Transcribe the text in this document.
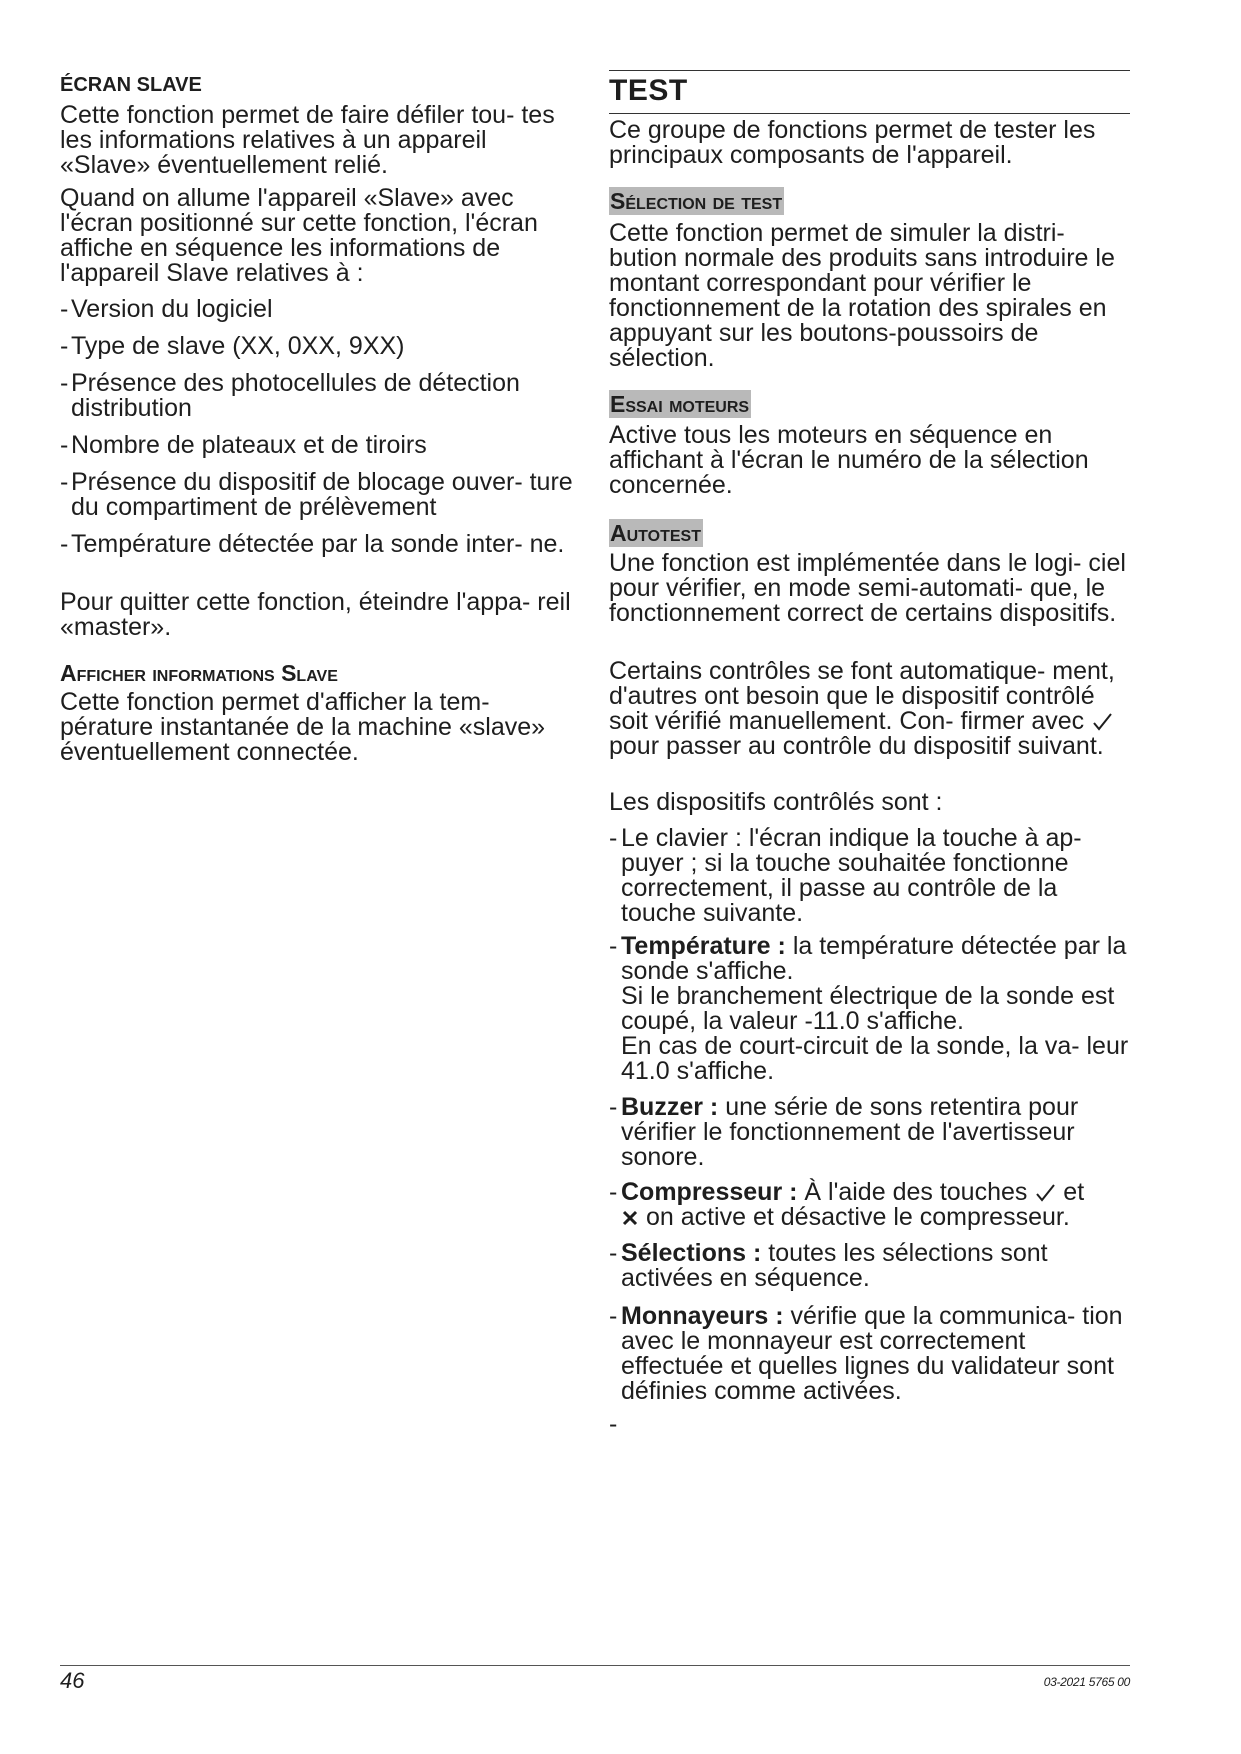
ÉCRAN SLAVE

Cette fonction permet de faire défiler tou- tes les informations relatives à un appareil «Slave» éventuellement relié.

Quand on allume l'appareil «Slave» avec l'écran positionné sur cette fonction, l'écran affiche en séquence les informations de l'appareil Slave relatives à :

- Version du logiciel
- Type de slave (XX, 0XX, 9XX)
- Présence des photocellules de détection distribution
- Nombre de plateaux et de tiroirs
- Présence du dispositif de blocage ouver- ture du compartiment de prélèvement
- Température détectée par la sonde inter- ne.

Pour quitter cette fonction, éteindre l'appa- reil «master».

Afficher informations Slave

Cette fonction permet d'afficher la tem- pérature instantanée de la machine «slave» éventuellement connectée.

TEST

Ce groupe de fonctions permet de tester les principaux composants de l'appareil.

Sélection de test

Cette fonction permet de simuler la distri- bution normale des produits sans introduire le montant correspondant pour vérifier le fonctionnement de la rotation des spirales en appuyant sur les boutons-poussoirs de sélection.

Essai moteurs

Active tous les moteurs en séquence en affichant à l'écran le numéro de la sélection concernée.

Autotest

Une fonction est implémentée dans le logi- ciel pour vérifier, en mode semi-automati- que, le fonctionnement correct de certains dispositifs.

Certains contrôles se font automatique- ment, d'autres ont besoin que le dispositif contrôlé soit vérifié manuellement. Con- firmer avec  pour passer au contrôle du dispositif suivant.

Les dispositifs contrôlés sont :

- Le clavier : l'écran indique la touche à ap- puyer ; si la touche souhaitée fonctionne correctement, il passe au contrôle de la touche suivante.
- Température : la température détectée par la sonde s'affiche.
Si le branchement électrique de la sonde est coupé, la valeur -11.0 s'affiche.
En cas de court-circuit de la sonde, la va- leur 41.0 s'affiche.
- Buzzer : une série de sons retentira pour vérifier le fonctionnement de l'avertisseur sonore.
- Compresseur : À l'aide des touches et
on active et désactive le compresseur.
- Sélections : toutes les sélections sont activées en séquence.
- Monnayeurs : vérifie que la communica- tion avec le monnayeur est correctement effectuée et quelles lignes du validateur sont définies comme activées.
-
46	03-2021 5765 00
